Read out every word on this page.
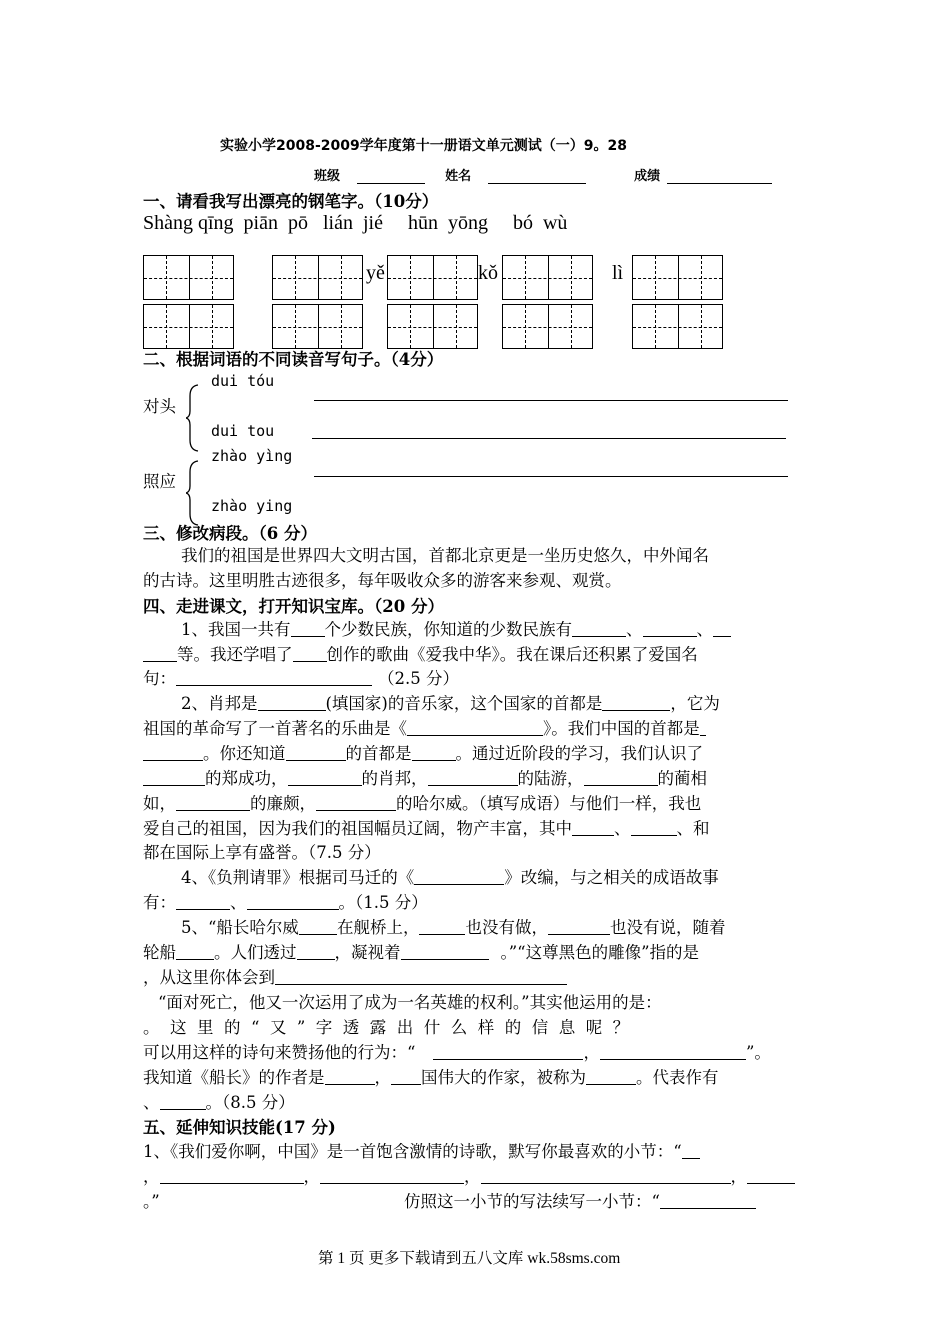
实验小学2008-2009学年度第十一册语文单元测试（一）9。28
班级	姓名	成绩
一、请看我写出漂亮的钢笔字。（10分）
Shàng qīng  piān  pō   lián  jié     hūn  yōng     bó  wù
yě	kǒ	lì
二、根据词语的不同读音写句子。（4分）
dui tóu
对头
dui tou
zhào yìng
照应
zhào ying
三、修改病段。（6 分）
我们的祖国是世界四大文明古国，首都北京更是一坐历史悠久，中外闻名
的古诗。这里明胜古迹很多，每年吸收众多的游客来参观、观赏。
四、走进课文，打开知识宝库。（20 分）
1、我国一共有 个少数民族，你知道的少数民族有	、	、
等。我还学唱了 创作的歌曲《爱我中华》。我在课后还积累了爱国名
句：	（2.5 分）
2、肖邦是	(填国家)的音乐家，这个国家的首都是	，它为
祖国的革命写了一首著名的乐曲是《	》。我们中国的首都是
。你还知道	的首都是	。通过近阶段的学习，我们认识了
的郑成功，	的肖邦，	的陆游，	的蔺相
如，	的廉颇，	的哈尔威。（填写成语）与他们一样，我也
爱自己的祖国，因为我们的祖国幅员辽阔，物产丰富，其中	、	、和
都在国际上享有盛誉。（7.5 分）
4、《负荆请罪》根据司马迁的《	》改编，与之相关的成语故事
有：	、	。（1.5 分）
5、“船长哈尔威 在舰桥上，	也没有做，	也没有说，随着
轮船 。人们透过 ，凝视着	。”“这尊黑色的雕像”指的是
，从这里你体会到
“面对死亡，他又一次运用了成为一名英雄的权利。”其实他运用的是：
。  这  里  的  “  又  ”  字  透  露  出  什  么  样  的  信  息  呢  ？
可以用这样的诗句来赞扬他的行为：“	，	”。
我知道《船长》的作者是	， 国伟大的作家，被称为	。代表作有
、	。（8.5 分）
五、延伸知识技能(17 分)
1、《我们爱你啊，中国》是一首饱含激情的诗歌，默写你最喜欢的小节：“
，	，	，	，
。”	仿照这一小节的写法续写一小节：“
第 1 页 更多下载请到五八文库 wk.58sms.com
